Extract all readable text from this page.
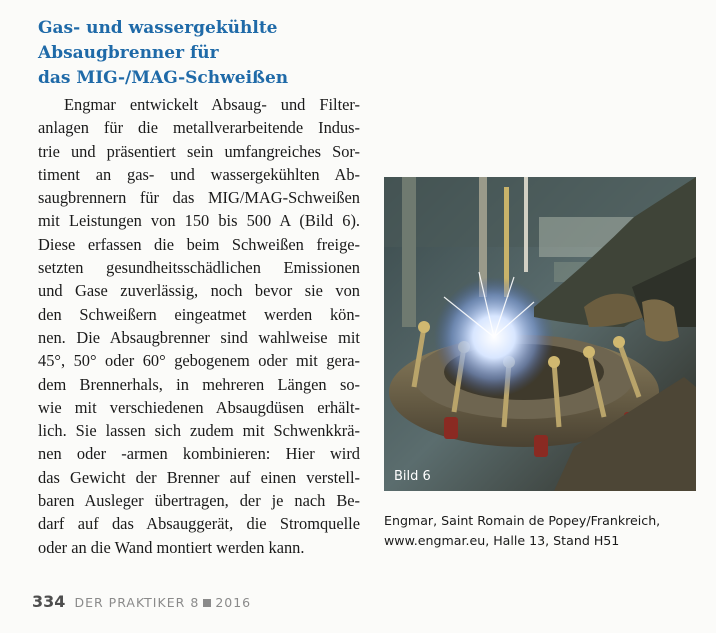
Gas- und wassergekühlte
Absaugbrenner für
das MIG-/MAG-Schweißen
Engmar entwickelt Absaug- und Filter-
anlagen für die metallverarbeitende Indus-
trie und präsentiert sein umfangreiches Sor-
timent an gas- und wassergekühlten Ab-
saugbrennern für das MIG/MAG-Schweißen
mit Leistungen von 150 bis 500 A (Bild 6).
Diese erfassen die beim Schweißen freige-
setzten gesundheitsschädlichen Emissionen
und Gase zuverlässig, noch bevor sie von
den Schweißern eingeatmet werden kön-
nen. Die Absaugbrenner sind wahlweise mit
45°, 50° oder 60° gebogenem oder mit gera-
dem Brennerhals, in mehreren Längen so-
wie mit verschiedenen Absaugdüsen erhält-
lich. Sie lassen sich zudem mit Schwenkkrä-
nen oder -armen kombinieren: Hier wird
das Gewicht der Brenner auf einen verstell-
baren Ausleger übertragen, der je nach Be-
darf auf das Absauggerät, die Stromquelle
oder an die Wand montiert werden kann.
Bild 6
Engmar, Saint Romain de Popey/Frankreich,
www.engmar.eu, Halle 13, Stand H51
334 DER PRAKTIKER 8 2016
